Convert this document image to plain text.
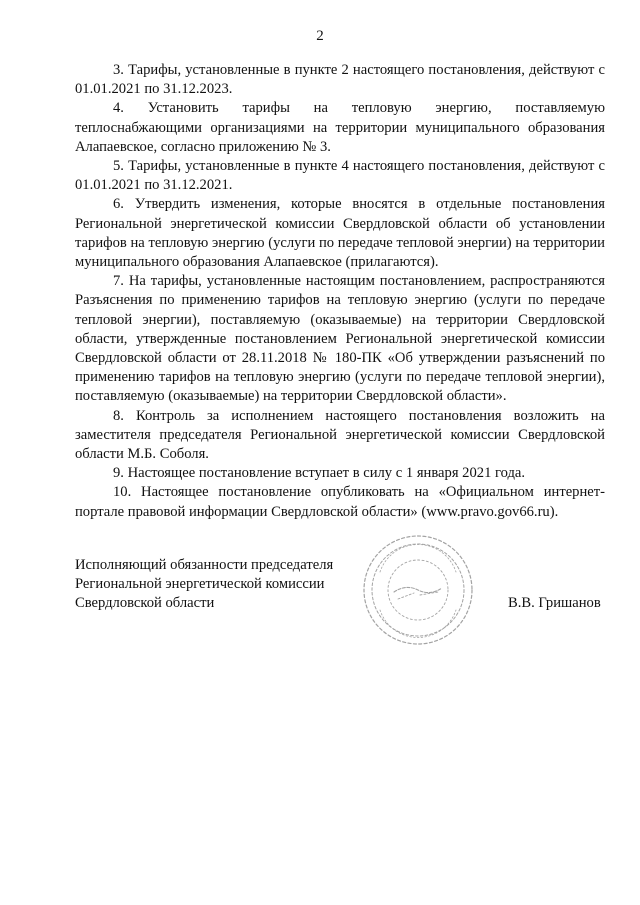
2

3. Тарифы, установленные в пункте 2 настоящего постановления, действуют с 01.01.2021 по 31.12.2023.

4. Установить тарифы на тепловую энергию, поставляемую теплоснабжающими организациями на территории муниципального образования Алапаевское, согласно приложению № 3.

5. Тарифы, установленные в пункте 4 настоящего постановления, действуют с 01.01.2021 по 31.12.2021.

6. Утвердить изменения, которые вносятся в отдельные постановления Региональной энергетической комиссии Свердловской области об установлении тарифов на тепловую энергию (услуги по передаче тепловой энергии) на территории муниципального образования Алапаевское (прилагаются).

7. На тарифы, установленные настоящим постановлением, распространяются Разъяснения по применению тарифов на тепловую энергию (услуги по передаче тепловой энергии), поставляемую (оказываемые) на территории Свердловской области, утвержденные постановлением Региональной энергетической комиссии Свердловской области от 28.11.2018 № 180-ПК «Об утверждении разъяснений по применению тарифов на тепловую энергию (услуги по передаче тепловой энергии), поставляемую (оказываемые) на территории Свердловской области».

8. Контроль за исполнением настоящего постановления возложить на заместителя председателя Региональной энергетической комиссии Свердловской области М.Б. Соболя.

9. Настоящее постановление вступает в силу с 1 января 2021 года.

10. Настоящее постановление опубликовать на «Официальном интернет-портале правовой информации Свердловской области» (www.pravo.gov66.ru).

Исполняющий обязанности председателя
Региональной энергетической комиссии
Свердловской области	В.В. Гришанов
